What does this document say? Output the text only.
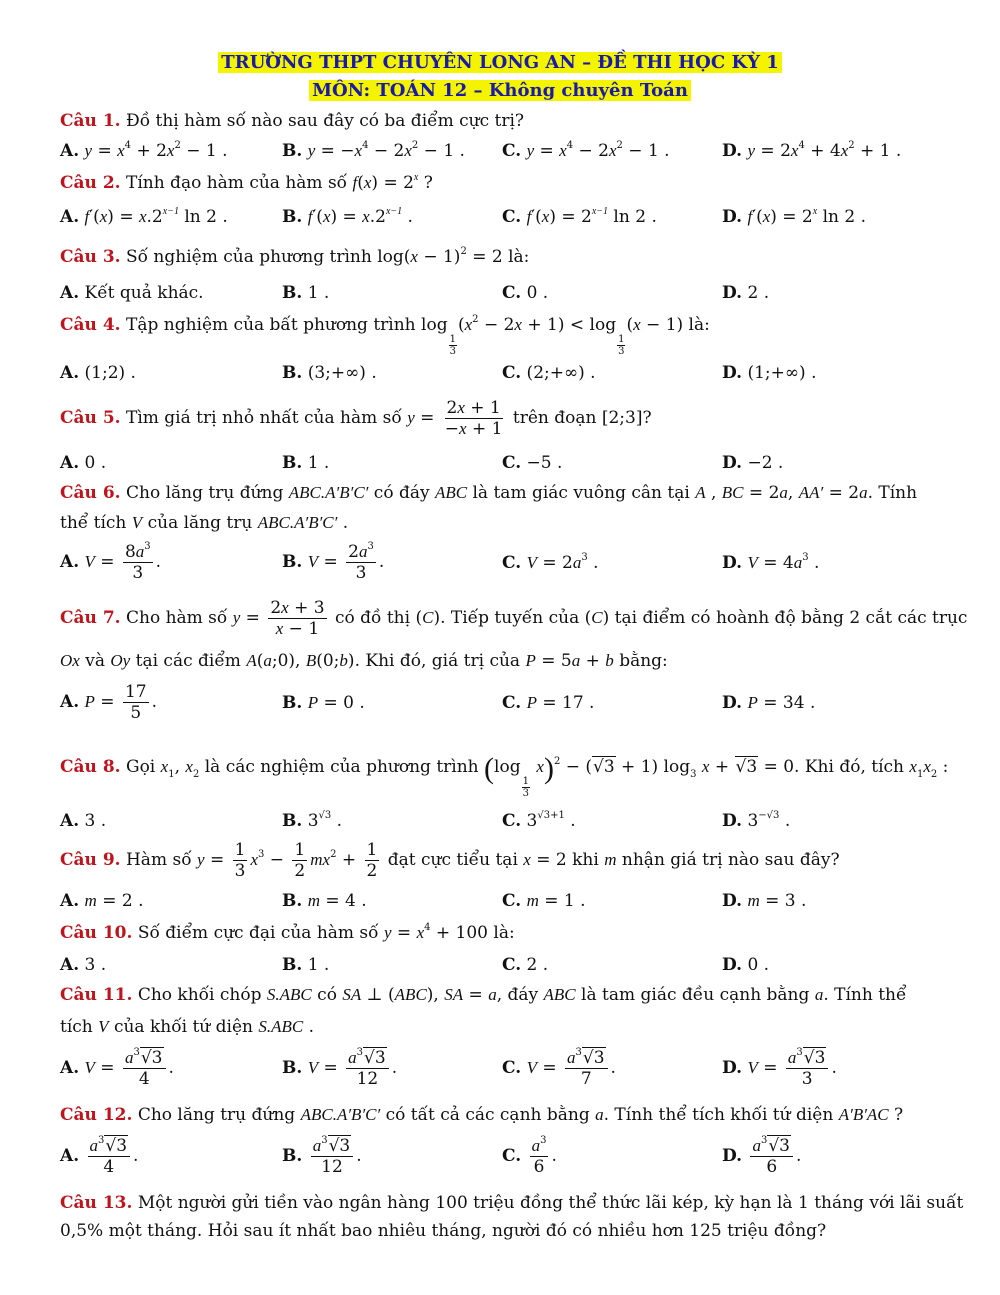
TRƯỜNG THPT CHUYÊN LONG AN – ĐỀ THI HỌC KỲ 1
MÔN: TOÁN 12 – Không chuyên Toán
Câu 1. Đồ thị hàm số nào sau đây có ba điểm cực trị?
A. $y = x^4 + 2x^2 - 1$ .	B. $y = -x^4 - 2x^2 - 1$ . C. $y = x^4 - 2x^2 - 1$ .	D. $y = 2x^4 + 4x^2 + 1$ .
Câu 2. Tính đạo hàm của hàm số $f(x) = 2^x$ ?
A. $f'(x) = x.2^{x-1}$ ln 2 .	B. $f'(x) = x.2^{x-1}$ .	C. $f'(x) = 2^{x-1}$ ln 2 .	D. $f'(x) = 2^x$ ln 2 .
Câu 3. Số nghiệm của phương trình $\log(x - 1)^2 = 2$ là:
A. Kết quả khác.	B. 1 .	C. 0 .	D. 2 .
Câu 4. Tập nghiệm của bất phương trình log
$\frac{1}{3}$
$(x^2 - 2x + 1) < \log$
$\frac{1}{3}$
(x − 1) là:
A. (1;2) .	B. (3;+∞) .	C. (2;+∞) .	D. (1;+∞) .
Câu 5. Tìm giá trị nhỏ nhất của hàm số $y = \frac{2x + 1}{-x + 1}$ trên đoạn [2;3]?
A. 0 .	B. 1 .	C. −5 .	D. −2 .
Câu 6. Cho lăng trụ đứng ABC.A′B′C′ có đáy ABC là tam giác vuông cân tại A , BC = 2a, AA′ = 2a. Tính
thể tích V của lăng trụ ABC.A′B′C′ .
A. $V = \frac{8a^3}{3}$ .	B. $V = \frac{2a^3}{3}$ .	C. $V = 2a^3$ .	D. $V = 4a^3$ .
Câu 7. Cho hàm số $y = \frac{2x + 3}{x - 1}$ có đồ thị (C). Tiếp tuyến của (C) tại điểm có hoành độ bằng 2 cắt các trục
Ox và Oy tại các điểm A(a;0), B(0;b). Khi đó, giá trị của P = 5a + b bằng:
A. $P = \frac{17}{5}$ .	B. P = 0 .	C. P = 17 .	D. P = 34 .
Câu 8. Gọi $x_1$, $x_2$ là các nghiệm của phương trình (log
$\frac{1}{3}$
x)$^2$ − (√3 + 1) $\log_3 x + √3 = 0$. Khi đó, tích $x_1x_2$ :
A. 3 .	B. $3^{√3}$ .	C. $3^{√3+1}$ .	D. $3^{-√3}$ .
Câu 9. Hàm số $y = \frac{1}{3} x^3 - \frac{1}{2} mx^2 + \frac{1}{2}$ đạt cực tiểu tại x = 2 khi m nhận giá trị nào sau đây?
A. m = 2 .	B. m = 4 .	C. m = 1 .	D. m = 3 .
Câu 10. Số điểm cực đại của hàm số $y = x^4 + 100$ là:
A. 3 .	B. 1 .	C. 2 .	D. 0 .
Câu 11. Cho khối chóp S.ABC có SA ⊥ (ABC), SA = a, đáy ABC là tam giác đều cạnh bằng a. Tính thể
tích V của khối tứ diện S.ABC .
A. $V = \frac{a^3√3}{4}$ .	B. $V = \frac{a^3√3}{12}$ .	C. $V = \frac{a^3√3}{7}$ .	D. $V = \frac{a^3√3}{3}$ .
Câu 12. Cho lăng trụ đứng ABC.A′B′C′ có tất cả các cạnh bằng a. Tính thể tích khối tứ diện A′B′AC ?
A. $\frac{a^3√3}{4}$ .	B. $\frac{a^3√3}{12}$ .	C. $\frac{a^3}{6}$ .	D. $\frac{a^3√3}{6}$ .
Câu 13. Một người gửi tiền vào ngân hàng 100 triệu đồng thể thức lãi kép, kỳ hạn là 1 tháng với lãi suất
0,5% một tháng. Hỏi sau ít nhất bao nhiêu tháng, người đó có nhiều hơn 125 triệu đồng?
